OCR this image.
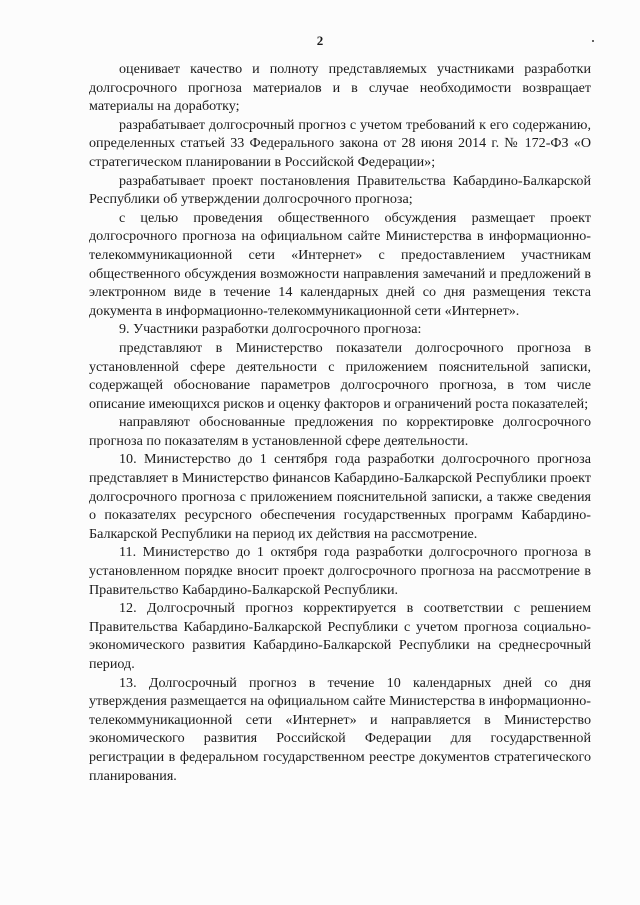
2

оценивает качество и полноту представляемых участниками разработки долгосрочного прогноза материалов и в случае необходимости возвращает материалы на доработку;

разрабатывает долгосрочный прогноз с учетом требований к его содержанию, определенных статьей 33 Федерального закона от 28 июня 2014 г. № 172-ФЗ «О стратегическом планировании в Российской Федерации»;

разрабатывает проект постановления Правительства Кабардино-Балкарской Республики об утверждении долгосрочного прогноза;

с целью проведения общественного обсуждения размещает проект долгосрочного прогноза на официальном сайте Министерства в информационно-телекоммуникационной сети «Интернет» с предоставлением участникам общественного обсуждения возможности направления замечаний и предложений в электронном виде в течение 14 календарных дней со дня размещения текста документа в информационно-телекоммуникационной сети «Интернет».

9. Участники разработки долгосрочного прогноза:

представляют в Министерство показатели долгосрочного прогноза в установленной сфере деятельности с приложением пояснительной записки, содержащей обоснование параметров долгосрочного прогноза, в том числе описание имеющихся рисков и оценку факторов и ограничений роста показателей;

направляют обоснованные предложения по корректировке долгосрочного прогноза по показателям в установленной сфере деятельности.

10. Министерство до 1 сентября года разработки долгосрочного прогноза представляет в Министерство финансов Кабардино-Балкарской Республики проект долгосрочного прогноза с приложением пояснительной записки, а также сведения о показателях ресурсного обеспечения государственных программ Кабардино-Балкарской Республики на период их действия на рассмотрение.

11. Министерство до 1 октября года разработки долгосрочного прогноза в установленном порядке вносит проект долгосрочного прогноза на рассмотрение в Правительство Кабардино-Балкарской Республики.

12. Долгосрочный прогноз корректируется в соответствии с решением Правительства Кабардино-Балкарской Республики с учетом прогноза социально-экономического развития Кабардино-Балкарской Республики на среднесрочный период.

13. Долгосрочный прогноз в течение 10 календарных дней со дня утверждения размещается на официальном сайте Министерства в информационно-телекоммуникационной сети «Интернет» и направляется в Министерство экономического развития Российской Федерации для государственной регистрации в федеральном государственном реестре документов стратегического планирования.
